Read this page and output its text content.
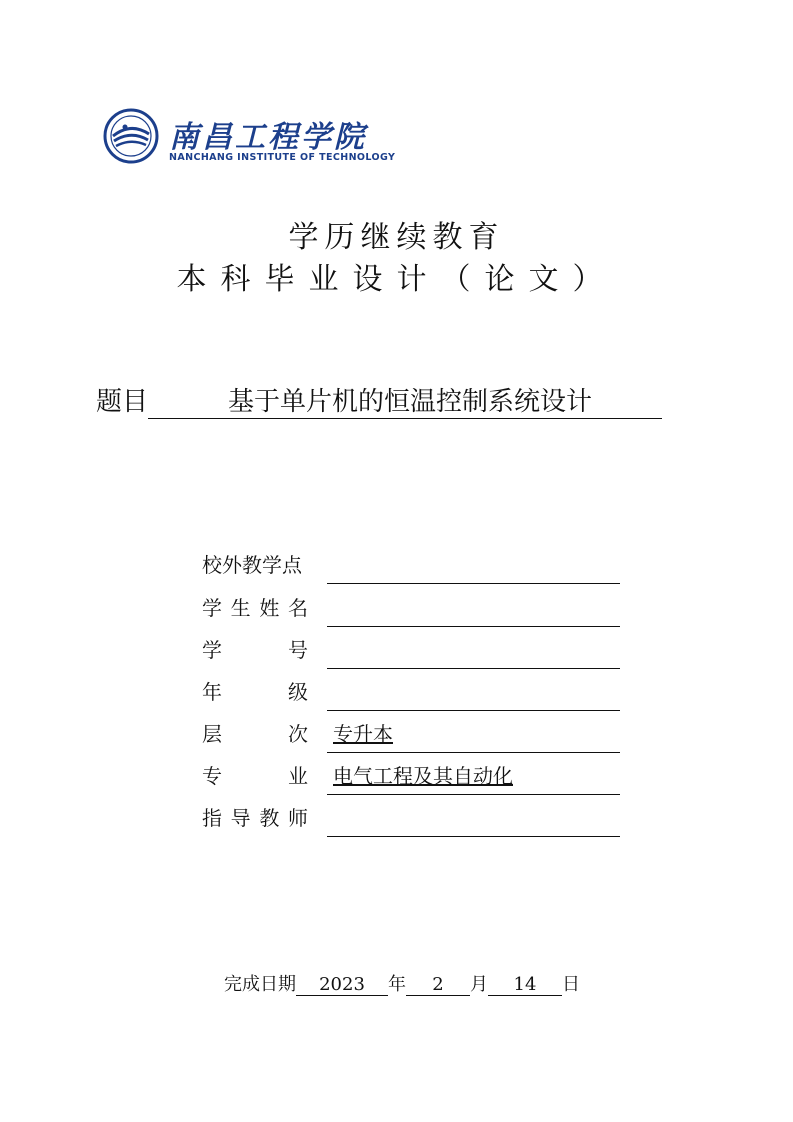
南昌工程学院
NANCHANG INSTITUTE OF TECHNOLOGY
学历继续教育
本科毕业设计（论文）
题目	基于单片机的恒温控制系统设计
校外教学点
学 生 姓 名
学	号
年	级
层	次 专升本
专	业 电气工程及其自动化
指 导 教 师
完成日期 2023 年 2 月 14 日
